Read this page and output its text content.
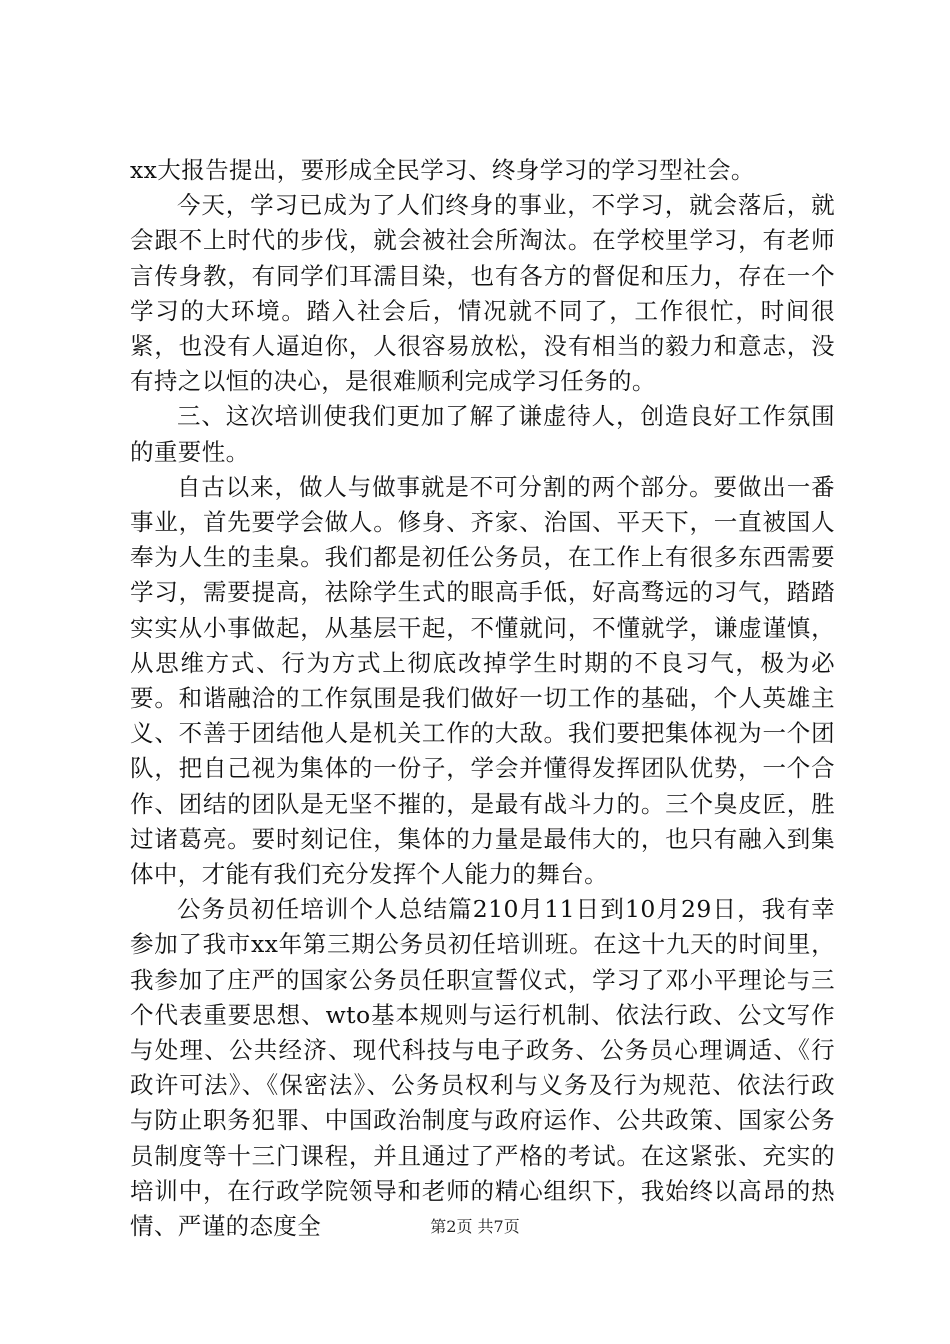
xx大报告提出，要形成全民学习、终身学习的学习型社会。

今天，学习已成为了人们终身的事业，不学习，就会落后，就会跟不上时代的步伐，就会被社会所淘汰。在学校里学习，有老师言传身教，有同学们耳濡目染，也有各方的督促和压力，存在一个学习的大环境。踏入社会后，情况就不同了，工作很忙，时间很紧，也没有人逼迫你，人很容易放松，没有相当的毅力和意志，没有持之以恒的决心，是很难顺利完成学习任务的。

三、这次培训使我们更加了解了谦虚待人，创造良好工作氛围的重要性。

自古以来，做人与做事就是不可分割的两个部分。要做出一番事业，首先要学会做人。修身、齐家、治国、平天下，一直被国人奉为人生的圭臬。我们都是初任公务员，在工作上有很多东西需要学习，需要提高，祛除学生式的眼高手低，好高骛远的习气，踏踏实实从小事做起，从基层干起，不懂就问，不懂就学，谦虚谨慎，从思维方式、行为方式上彻底改掉学生时期的不良习气，极为必要。和谐融洽的工作氛围是我们做好一切工作的基础，个人英雄主义、不善于团结他人是机关工作的大敌。我们要把集体视为一个团队，把自己视为集体的一份子，学会并懂得发挥团队优势，一个合作、团结的团队是无坚不摧的，是最有战斗力的。三个臭皮匠，胜过诸葛亮。要时刻记住，集体的力量是最伟大的，也只有融入到集体中，才能有我们充分发挥个人能力的舞台。

公务员初任培训个人总结篇210月11日到10月29日，我有幸参加了我市xx年第三期公务员初任培训班。在这十九天的时间里，我参加了庄严的国家公务员任职宣誓仪式，学习了邓小平理论与三个代表重要思想、wto基本规则与运行机制、依法行政、公文写作与处理、公共经济、现代科技与电子政务、公务员心理调适、《行政许可法》、《保密法》、公务员权利与义务及行为规范、依法行政与防止职务犯罪、中国政治制度与政府运作、公共政策、国家公务员制度等十三门课程，并且通过了严格的考试。在这紧张、充实的培训中，在行政学院领导和老师的精心组织下，我始终以高昂的热情、严谨的态度全	第2页 共7页
